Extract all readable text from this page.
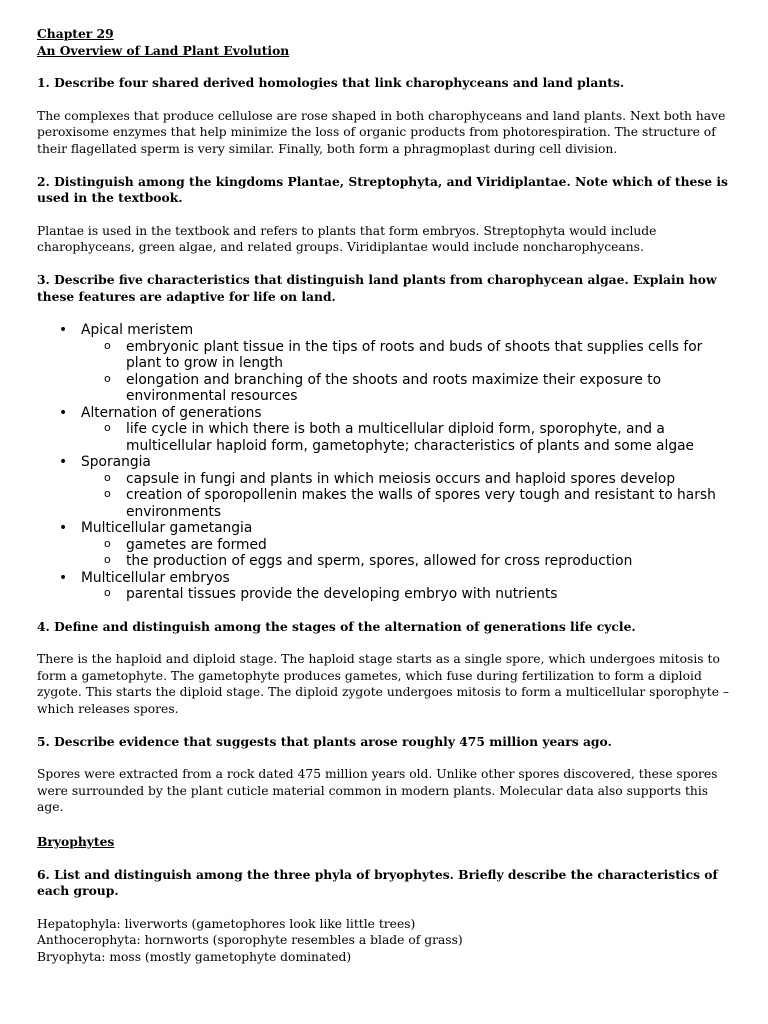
Chapter 29
An Overview of Land Plant Evolution

1. Describe four shared derived homologies that link charophyceans and land plants.

The complexes that produce cellulose are rose shaped in both charophyceans and land plants. Next both have peroxisome enzymes that help minimize the loss of organic products from photorespiration. The structure of their flagellated sperm is very similar. Finally, both form a phragmoplast during cell division.

2. Distinguish among the kingdoms Plantae, Streptophyta, and Viridiplantae. Note which of these is used in the textbook.

Plantae is used in the textbook and refers to plants that form embryos. Streptophyta would include charophyceans, green algae, and related groups. Viridiplantae would include noncharophyceans.

3. Describe five characteristics that distinguish land plants from charophycean algae. Explain how these features are adaptive for life on land.

• Apical meristem
o embryonic plant tissue in the tips of roots and buds of shoots that supplies cells for plant to grow in length
o elongation and branching of the shoots and roots maximize their exposure to environmental resources
• Alternation of generations
o life cycle in which there is both a multicellular diploid form, sporophyte, and a multicellular haploid form, gametophyte; characteristics of plants and some algae
• Sporangia
o capsule in fungi and plants in which meiosis occurs and haploid spores develop
o creation of sporopollenin makes the walls of spores very tough and resistant to harsh environments
• Multicellular gametangia
o gametes are formed
o the production of eggs and sperm, spores, allowed for cross reproduction
• Multicellular embryos
o parental tissues provide the developing embryo with nutrients

4. Define and distinguish among the stages of the alternation of generations life cycle.

There is the haploid and diploid stage. The haploid stage starts as a single spore, which undergoes mitosis to form a gametophyte. The gametophyte produces gametes, which fuse during fertilization to form a diploid zygote. This starts the diploid stage. The diploid zygote undergoes mitosis to form a multicellular sporophyte – which releases spores.

5. Describe evidence that suggests that plants arose roughly 475 million years ago.

Spores were extracted from a rock dated 475 million years old. Unlike other spores discovered, these spores were surrounded by the plant cuticle material common in modern plants. Molecular data also supports this age.

Bryophytes

6. List and distinguish among the three phyla of bryophytes. Briefly describe the characteristics of each group.

Hepatophyla: liverworts (gametophores look like little trees)
Anthocerophyta: hornworts (sporophyte resembles a blade of grass)
Bryophyta: moss (mostly gametophyte dominated)
